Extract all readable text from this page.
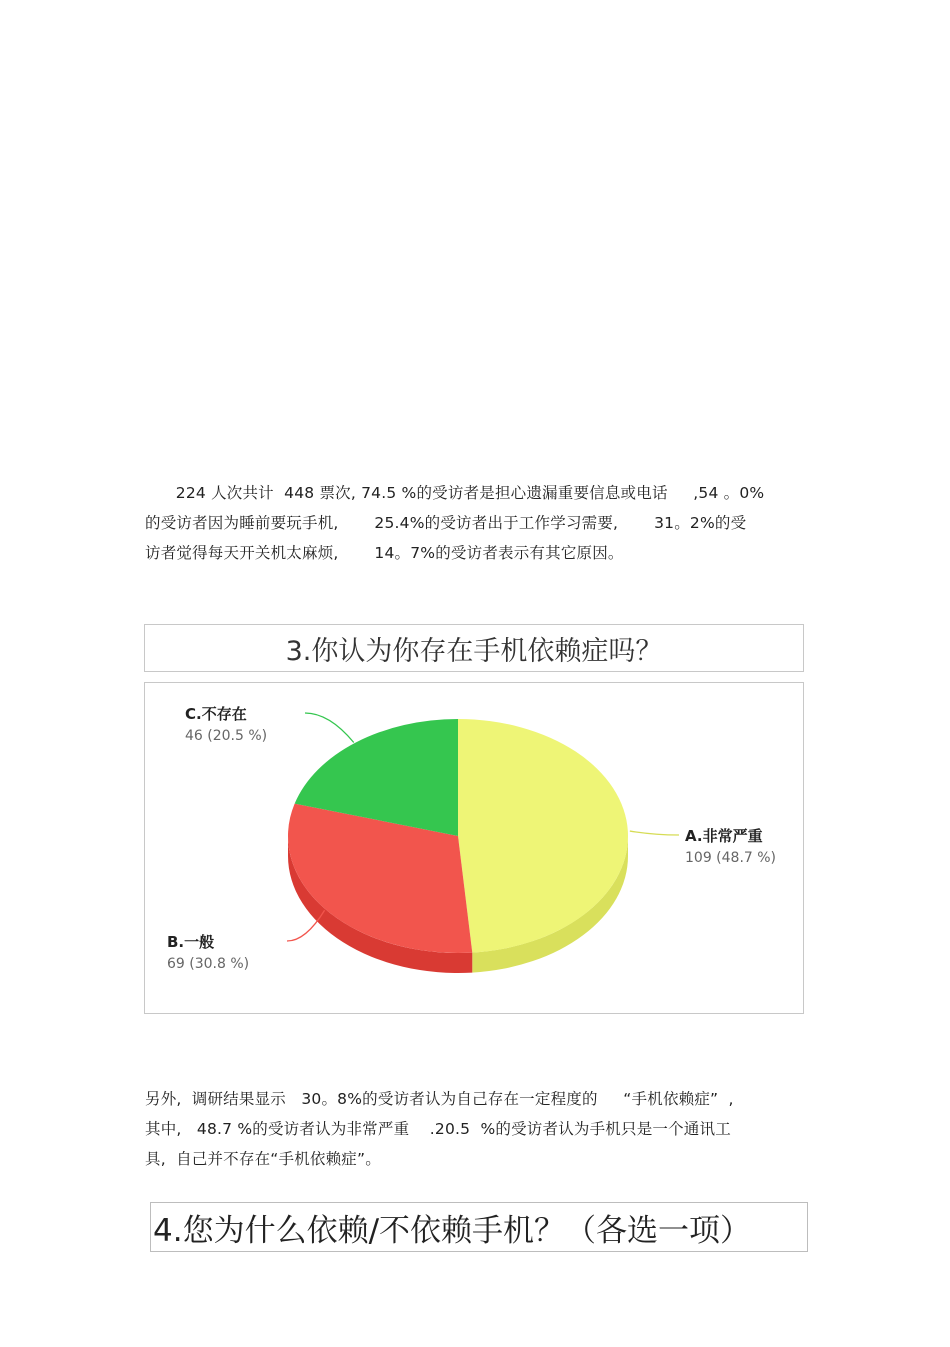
224 人次共计  448 票次, 74.5 %的受访者是担心遗漏重要信息或电话     ,54 。0%
的受访者因为睡前要玩手机,       25.4%的受访者出于工作学习需要,       31。2%的受
访者觉得每天开关机太麻烦,       14。7%的受访者表示有其它原因。
3.你认为你存在手机依赖症吗？
A.非常严重
109 (48.7 %)
B.一般
69 (30.8 %)
C.不存在
46 (20.5 %)
另外,  调研结果显示   30。8%的受访者认为自己存在一定程度的     “手机依赖症”  ,
其中,   48.7 %的受访者认为非常严重    .20.5  %的受访者认为手机只是一个通讯工
具,  自己并不存在“手机依赖症”。
4.您为什么依赖/不依赖手机？（各选一项）
